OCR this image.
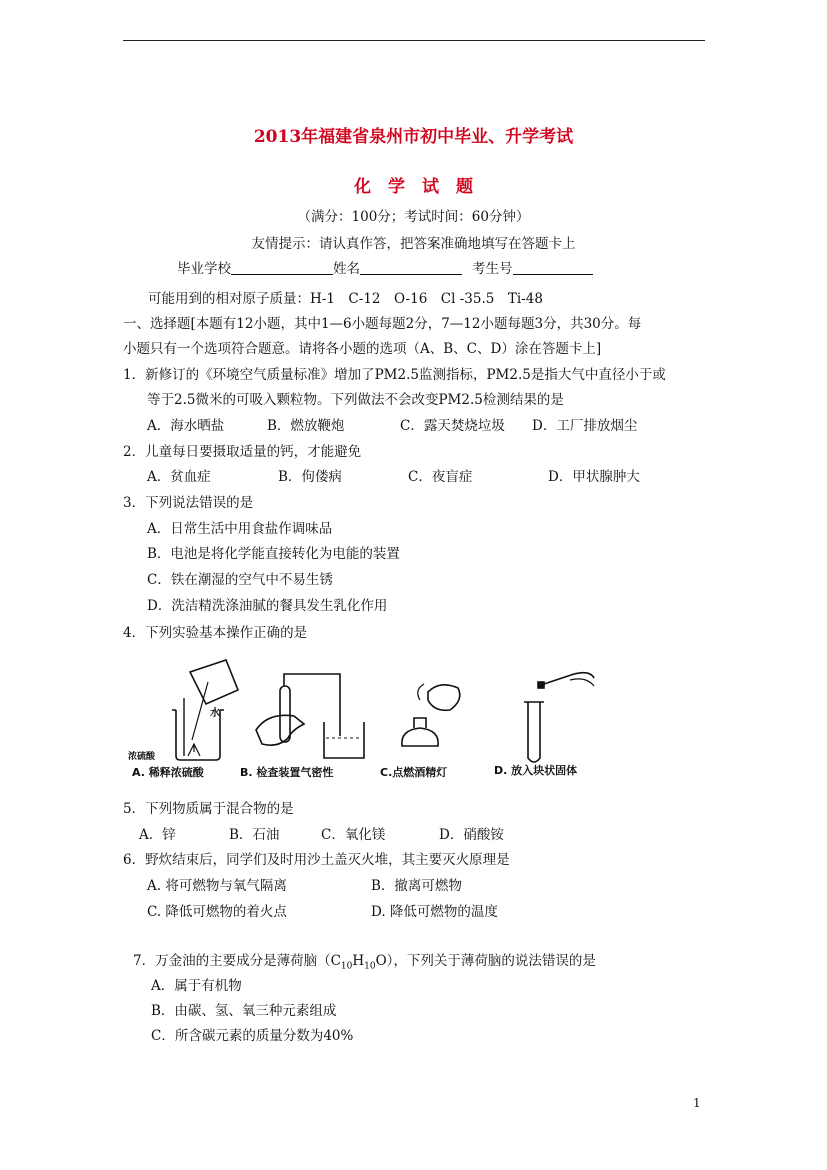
2013年福建省泉州市初中毕业、升学考试
化　学　试　题
（满分：100分；考试时间：60分钟）
友情提示：请认真作答，把答案准确地填写在答题卡上
毕业学校	姓名	考生号
可能用到的相对原子质量：H-1　C-12　O-16　Cl -35.5　Ti-48
一、选择题[本题有12小题，其中1—6小题每题2分，7—12小题每题3分，共30分。每
小题只有一个选项符合题意。请将各小题的选项（A、B、C、D）涂在答题卡上]
1．新修订的《环境空气质量标准》增加了PM2.5监测指标，PM2.5是指大气中直径小于或
等于2.5微米的可吸入颗粒物。下列做法不会改变PM2.5检测结果的是
A．海水晒盐	B．燃放鞭炮	C．露天焚烧垃圾 D．工厂排放烟尘
2．儿童每日要摄取适量的钙，才能避免
A．贫血症	B．佝偻病	C．夜盲症	D．甲状腺肿大
3．下列说法错误的是
A．日常生活中用食盐作调味品
B．电池是将化学能直接转化为电能的装置
C．铁在潮湿的空气中不易生锈
D．洗洁精洗涤油腻的餐具发生乳化作用
4．下列实验基本操作正确的是
水
浓硫酸
A. 稀释浓硫酸	B. 检查装置气密性	C.点燃酒精灯	D. 放入块状固体
5．下列物质属于混合物的是
A．锌	B．石油	C．氧化镁	D．硝酸铵
6．野炊结束后，同学们及时用沙土盖灭火堆，其主要灭火原理是
A. 将可燃物与氧气隔离	B．撤离可燃物
C. 降低可燃物的着火点	D. 降低可燃物的温度
7．万金油的主要成分是薄荷脑$(C_{10}H_{10}O)$，下列关于薄荷脑的说法错误的是
A．属于有机物
B．由碳、氢、氧三种元素组成
C．所含碳元素的质量分数为40%
1
